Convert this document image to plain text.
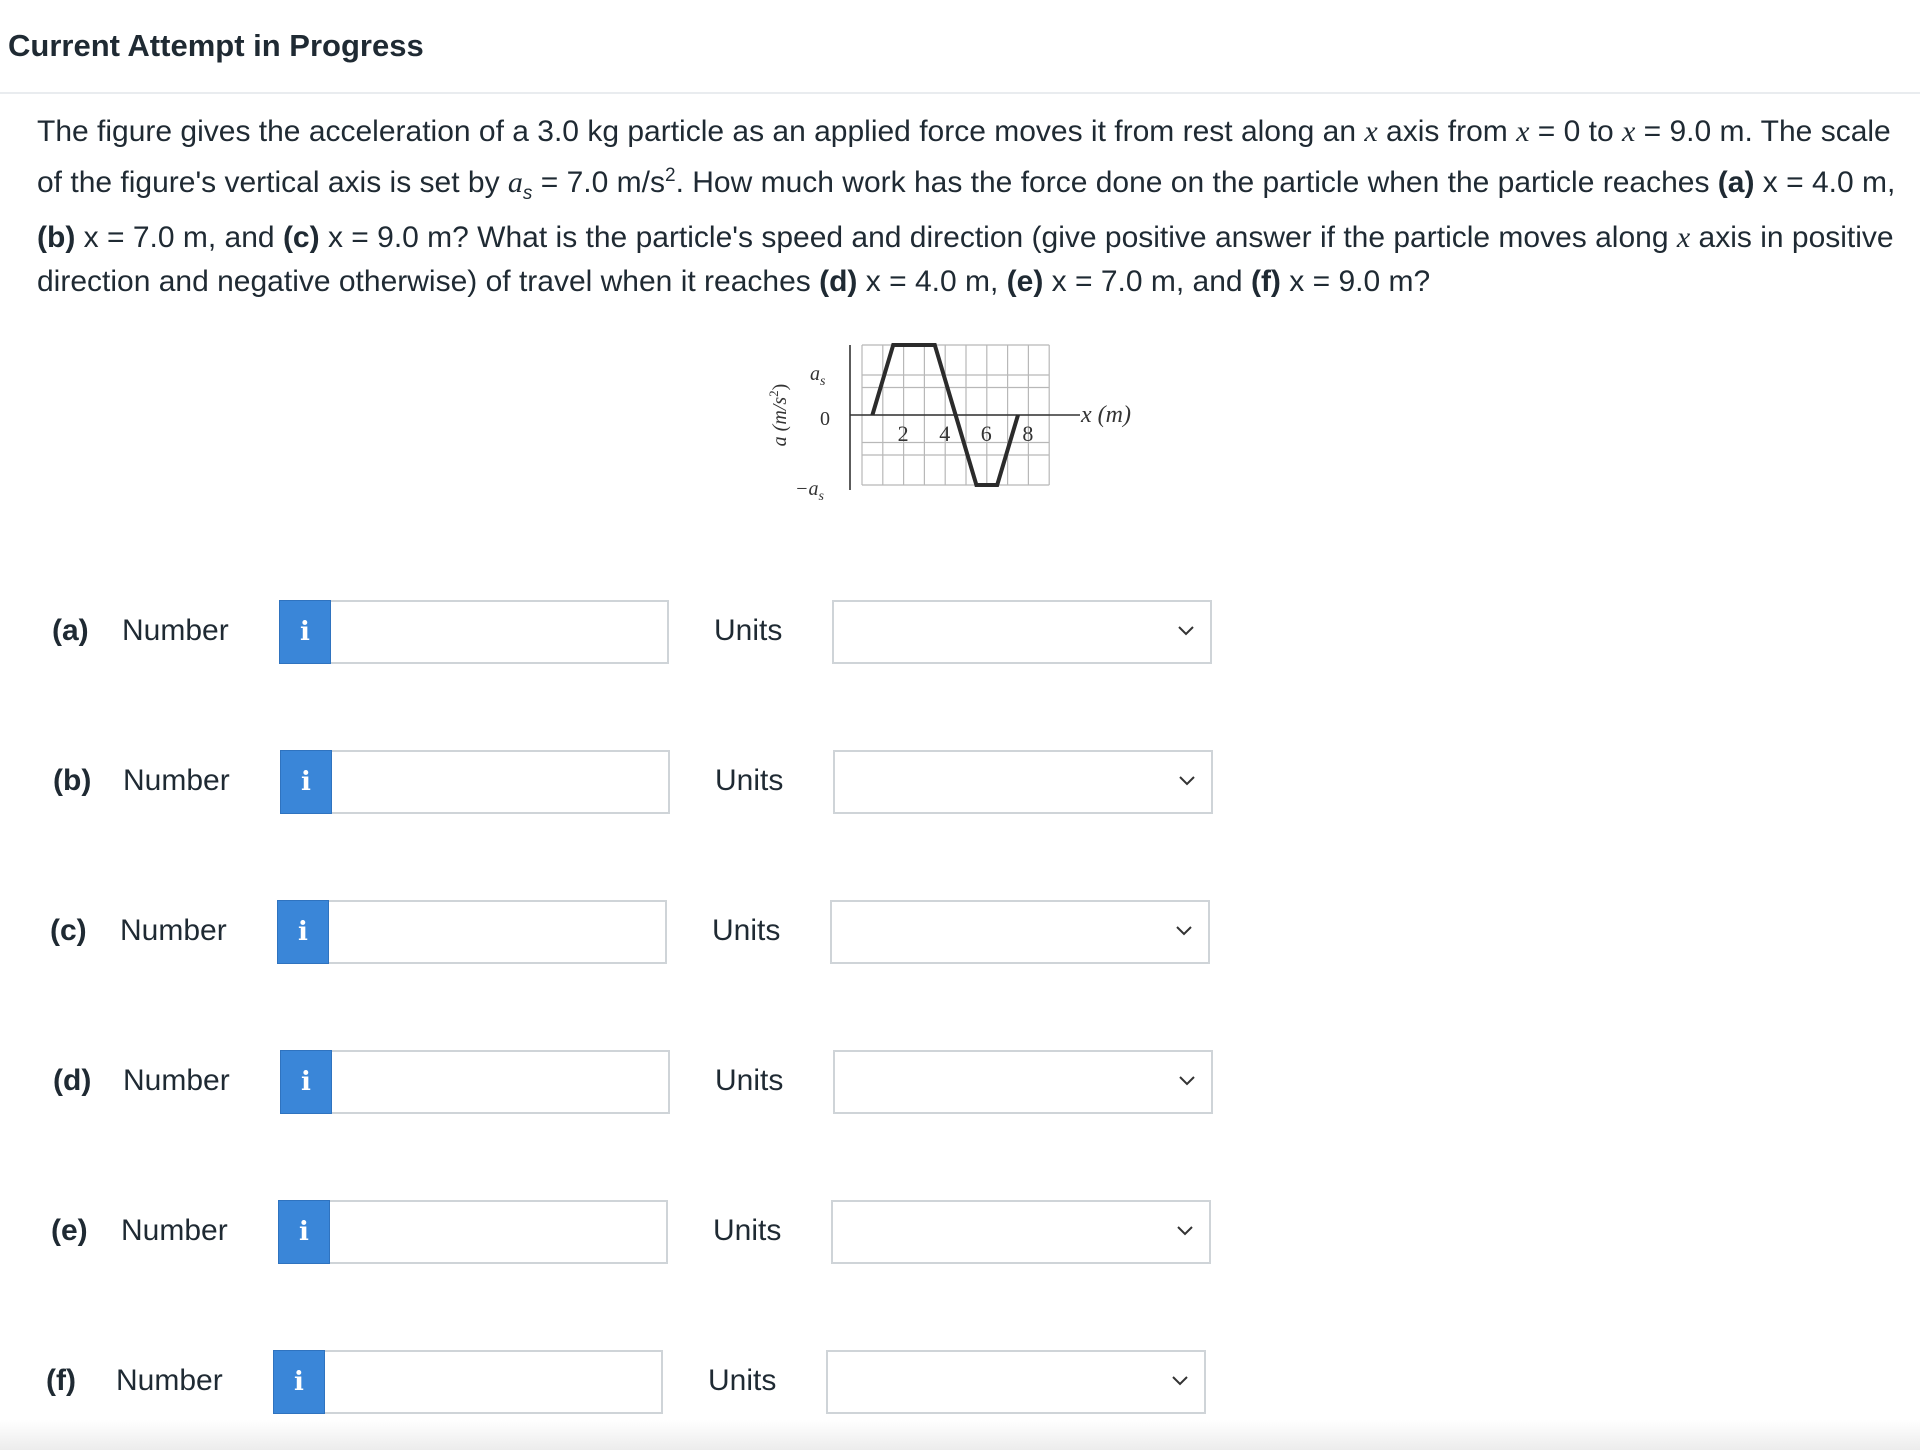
Current Attempt in Progress
The figure gives the acceleration of a 3.0 kg particle as an applied force moves it from rest along an x axis from x = 0 to x = 9.0 m. The scale of the figure's vertical axis is set by $a_s = 7.0$ $m/s^2$. How much work has the force done on the particle when the particle reaches (a) x = 4.0 m, (b) x = 7.0 m, and (c) x = 9.0 m? What is the particle's speed and direction (give positive answer if the particle moves along x axis in positive direction and negative otherwise) of travel when it reaches (d) x = 4.0 m, (e) x = 7.0 m, and (f) x = 9.0 m?
2 4 6 8
x (m)
$a_s$
0
$-a_s$
a $(m/s^2)$
(a) Number	i	Units
(b) Number	i	Units
(c) Number	i	Units
(d) Number	i	Units
(e) Number	i	Units
(f) Number	i	Units
